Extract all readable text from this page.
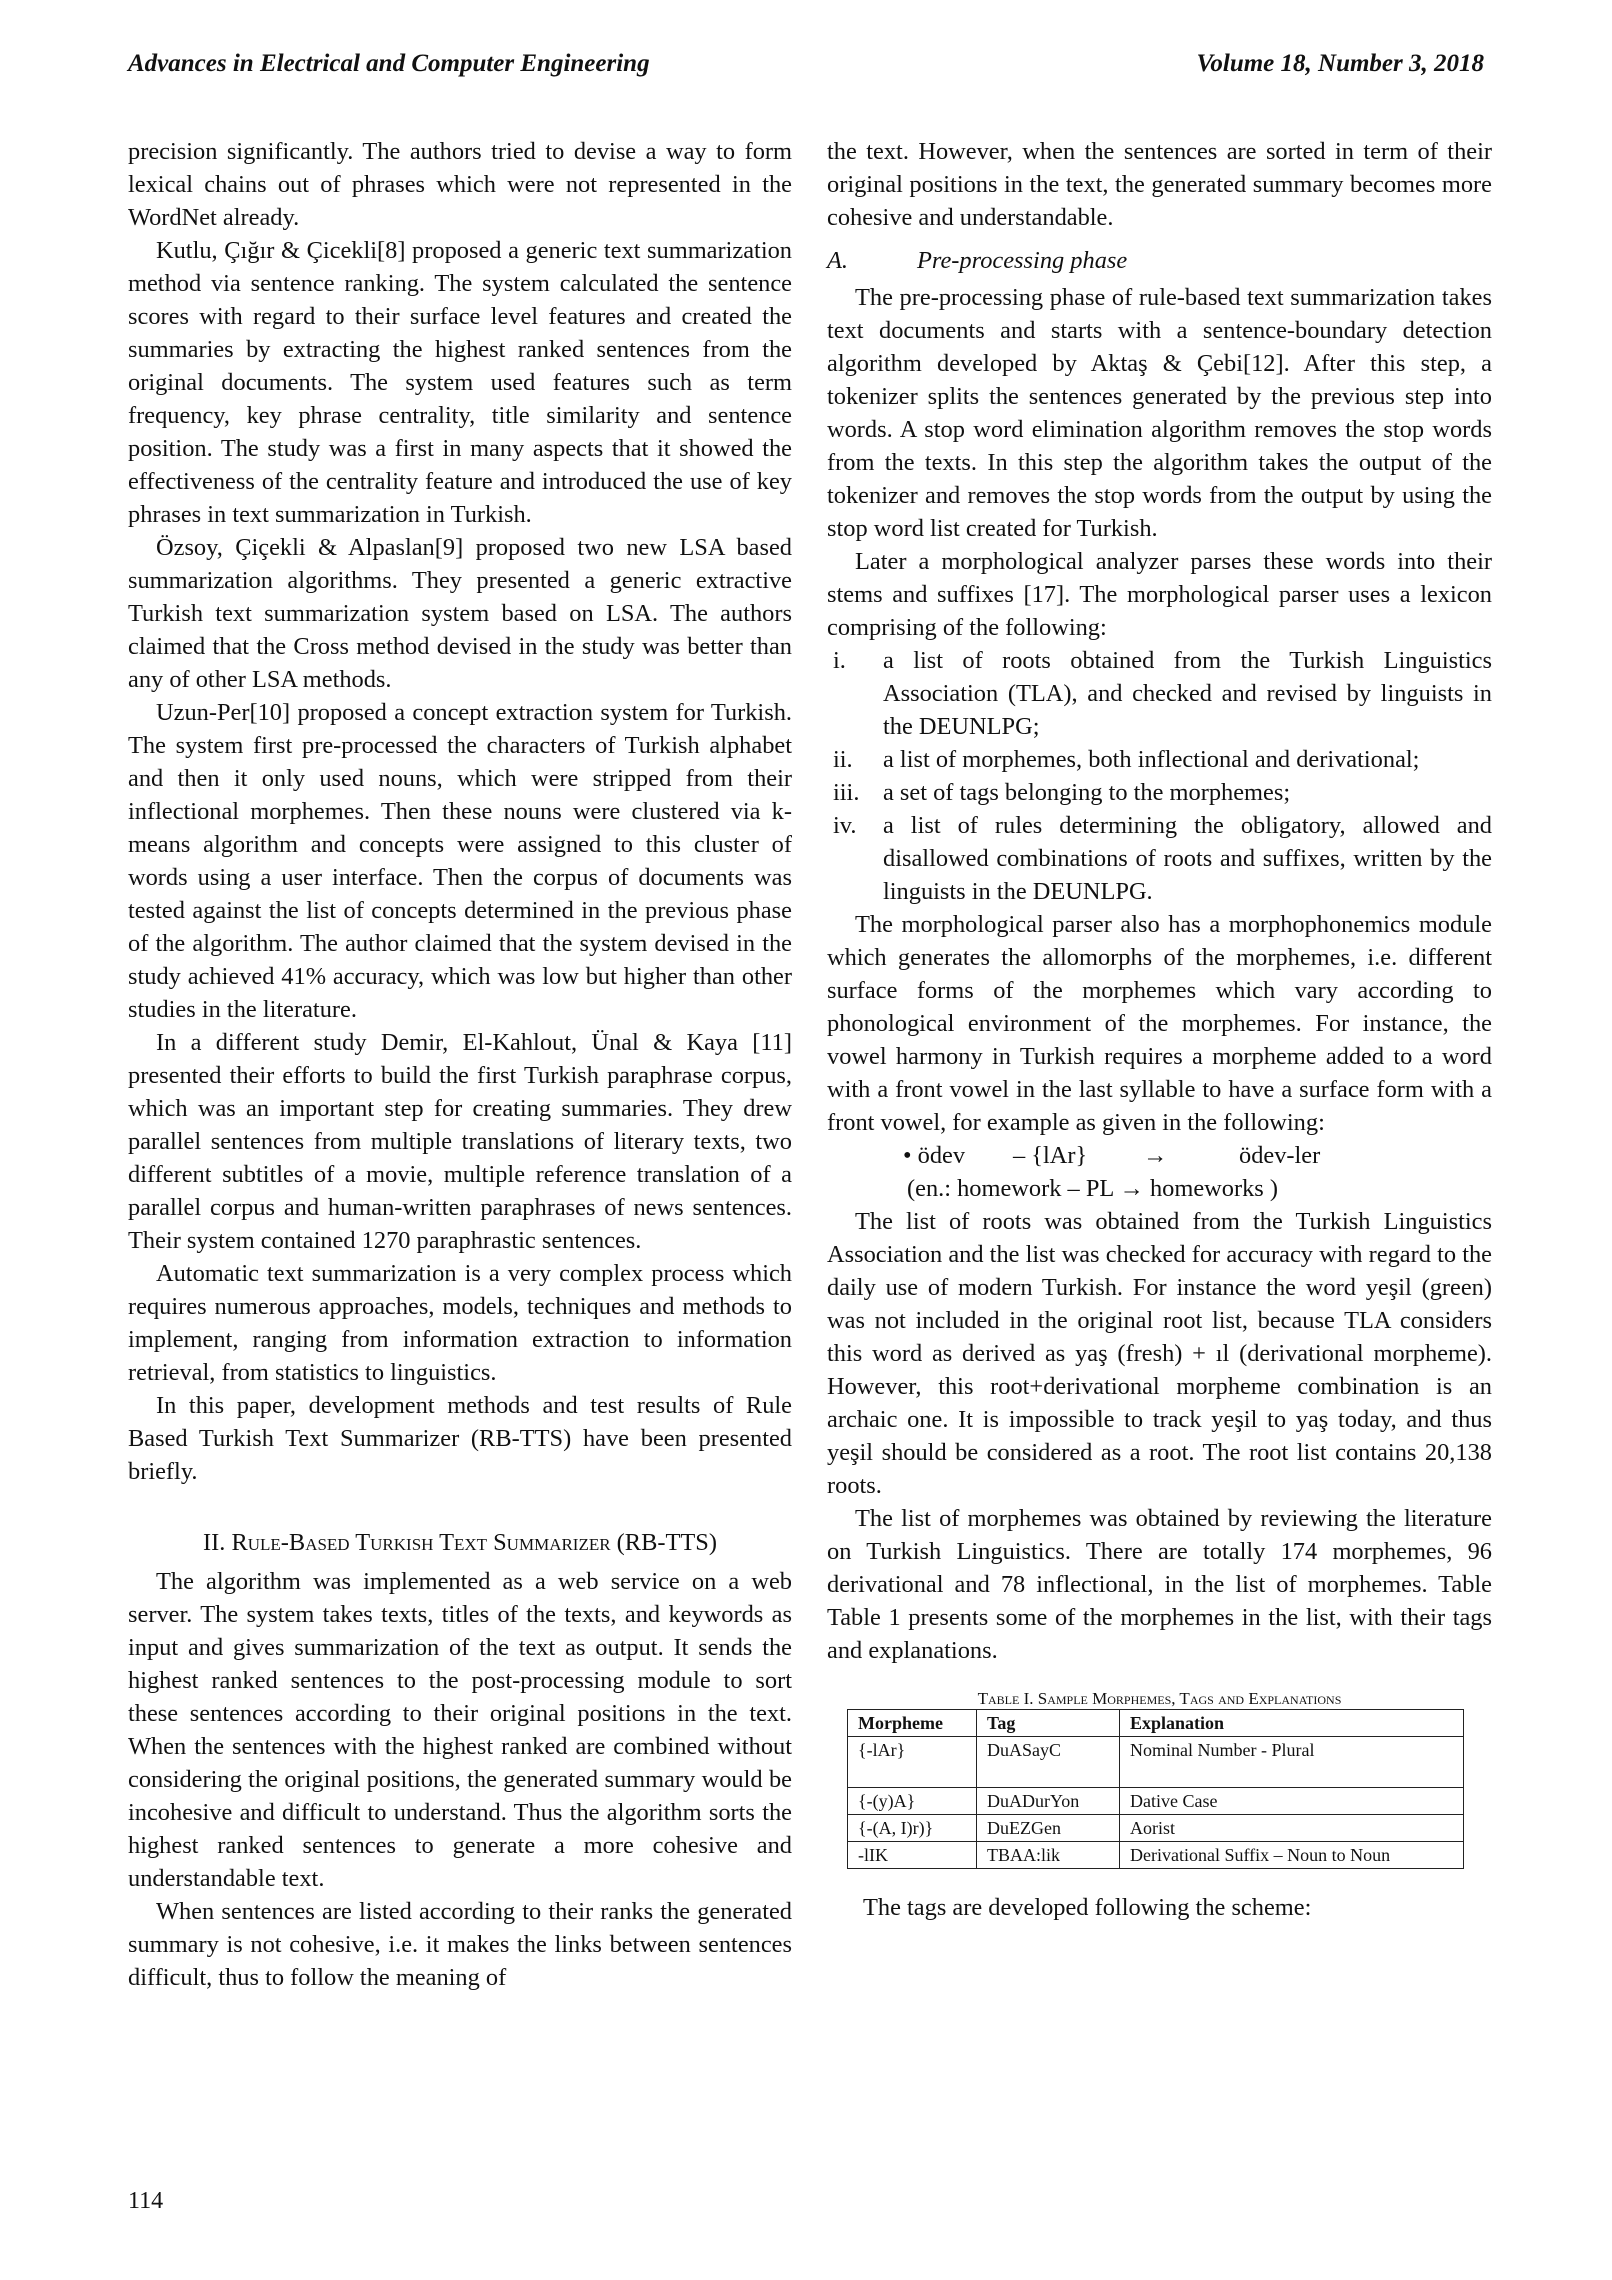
Advances in Electrical and Computer Engineering	Volume 18, Number 3, 2018

precision significantly. The authors tried to devise a way to form lexical chains out of phrases which were not represented in the WordNet already.

Kutlu, Çığır & Çicekli[8] proposed a generic text summarization method via sentence ranking. The system calculated the sentence scores with regard to their surface level features and created the summaries by extracting the highest ranked sentences from the original documents. The system used features such as term frequency, key phrase centrality, title similarity and sentence position. The study was a first in many aspects that it showed the effectiveness of the centrality feature and introduced the use of key phrases in text summarization in Turkish.

Özsoy, Çiçekli & Alpaslan[9] proposed two new LSA based summarization algorithms. They presented a generic extractive Turkish text summarization system based on LSA. The authors claimed that the Cross method devised in the study was better than any of other LSA methods.

Uzun-Per[10] proposed a concept extraction system for Turkish. The system first pre-processed the characters of Turkish alphabet and then it only used nouns, which were stripped from their inflectional morphemes. Then these nouns were clustered via k-means algorithm and concepts were assigned to this cluster of words using a user interface. Then the corpus of documents was tested against the list of concepts determined in the previous phase of the algorithm. The author claimed that the system devised in the study achieved 41% accuracy, which was low but higher than other studies in the literature.

In a different study Demir, El-Kahlout, Ünal & Kaya [11] presented their efforts to build the first Turkish paraphrase corpus, which was an important step for creating summaries. They drew parallel sentences from multiple translations of literary texts, two different subtitles of a movie, multiple reference translation of a parallel corpus and human-written paraphrases of news sentences. Their system contained 1270 paraphrastic sentences.

Automatic text summarization is a very complex process which requires numerous approaches, models, techniques and methods to implement, ranging from information extraction to information retrieval, from statistics to linguistics.

In this paper, development methods and test results of Rule Based Turkish Text Summarizer (RB-TTS) have been presented briefly.

II. Rule-Based Turkish Text Summarizer (RB-TTS)

The algorithm was implemented as a web service on a web server. The system takes texts, titles of the texts, and keywords as input and gives summarization of the text as output. It sends the highest ranked sentences to the post-processing module to sort these sentences according to their original positions in the text. When the sentences with the highest ranked are combined without considering the original positions, the generated summary would be incohesive and difficult to understand. Thus the algorithm sorts the highest ranked sentences to generate a more cohesive and understandable text.

When sentences are listed according to their ranks the generated summary is not cohesive, i.e. it makes the links between sentences difficult, thus to follow the meaning of

the text. However, when the sentences are sorted in term of their original positions in the text, the generated summary becomes more cohesive and understandable.

A.	Pre-processing phase

The pre-processing phase of rule-based text summarization takes text documents and starts with a sentence-boundary detection algorithm developed by Aktaş & Çebi[12]. After this step, a tokenizer splits the sentences generated by the previous step into words. A stop word elimination algorithm removes the stop words from the texts. In this step the algorithm takes the output of the tokenizer and removes the stop words from the output by using the stop word list created for Turkish.

Later a morphological analyzer parses these words into their stems and suffixes [17]. The morphological parser uses a lexicon comprising of the following:

i.	a list of roots obtained from the Turkish Linguistics Association (TLA), and checked and revised by linguists in the DEUNLPG;
ii.	a list of morphemes, both inflectional and derivational;
iii. a set of tags belonging to the morphemes;
iv.	a list of rules determining the obligatory, allowed and disallowed combinations of roots and suffixes, written by the linguists in the DEUNLPG.

The morphological parser also has a morphophonemics module which generates the allomorphs of the morphemes, i.e. different surface forms of the morphemes which vary according to phonological environment of the morphemes. For instance, the vowel harmony in Turkish requires a morpheme added to a word with a front vowel in the last syllable to have a surface form with a front vowel, for example as given in the following:

• ödev – {lAr} →	ödev-ler
(en.: homework – PL → homeworks )

The list of roots was obtained from the Turkish Linguistics Association and the list was checked for accuracy with regard to the daily use of modern Turkish. For instance the word yeşil (green) was not included in the original root list, because TLA considers this word as derived as yaş (fresh) + ıl (derivational morpheme). However, this root+derivational morpheme combination is an archaic one. It is impossible to track yeşil to yaş today, and thus yeşil should be considered as a root. The root list contains 20,138 roots.

The list of morphemes was obtained by reviewing the literature on Turkish Linguistics. There are totally 174 morphemes, 96 derivational and 78 inflectional, in the list of morphemes. Table Table 1 presents some of the morphemes in the list, with their tags and explanations.

Table I. Sample Morphemes, Tags and Explanations
Morpheme	Tag	Explanation
{-lAr}	DuASayC	Nominal Number - Plural
{-(y)A}	DuADurYon	Dative Case
{-(A, I)r)}	DuEZGen	Aorist
-lIK	TBAA:lik	Derivational Suffix – Noun to Noun
The tags are developed following the scheme:
114
